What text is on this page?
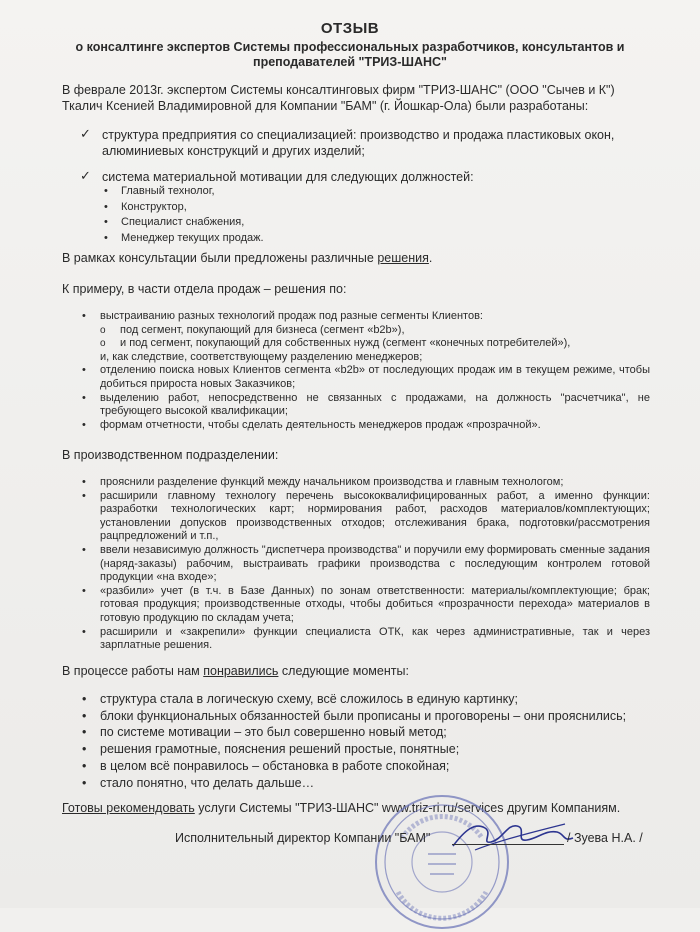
ОТЗЫВ
о консалтинге экспертов Системы профессиональных разработчиков, консультантов и преподавателей "ТРИЗ-ШАНС"
В феврале 2013г. экспертом Системы консалтинговых фирм "ТРИЗ-ШАНС" (ООО "Сычев и К") Ткалич Ксенией Владимировной для Компании "БАМ" (г. Йошкар-Ола) были разработаны:
✓ структура предприятия со специализацией: производство и продажа пластиковых окон, алюминиевых конструкций и других изделий;
✓ система материальной мотивации для следующих должностей:
• Главный технолог,
• Конструктор,
• Специалист снабжения,
• Менеджер текущих продаж.
В рамках консультации были предложены различные решения.
К примеру, в части отдела продаж – решения по:
• выстраиванию разных технологий продаж под разные сегменты Клиентов:
o под сегмент, покупающий для бизнеса (сегмент «b2b»),
o и под сегмент, покупающий для собственных нужд (сегмент «конечных потребителей»),
и, как следствие, соответствующему разделению менеджеров;
• отделению поиска новых Клиентов сегмента «b2b» от последующих продаж им в текущем режиме, чтобы добиться прироста новых Заказчиков;
• выделению работ, непосредственно не связанных с продажами, на должность "расчетчика", не требующего высокой квалификации;
• формам отчетности, чтобы сделать деятельность менеджеров продаж «прозрачной».
В производственном подразделении:
• прояснили разделение функций между начальником производства и главным технологом;
• расширили главному технологу перечень высококвалифицированных работ, а именно функции: разработки технологических карт; нормирования работ, расходов материалов/комплектующих; установлении допусков производственных отходов; отслеживания брака, подготовки/рассмотрения рацпредложений и т.п.,
• ввели независимую должность "диспетчера производства" и поручили ему формировать сменные задания (наряд-заказы) рабочим, выстраивать графики производства с последующим контролем готовой продукции «на входе»;
• «разбили» учет (в т.ч. в Базе Данных) по зонам ответственности: материалы/комплектующие; брак; готовая продукция; производственные отходы, чтобы добиться «прозрачности перехода» материалов в готовую продукцию по складам учета;
• расширили и «закрепили» функции специалиста ОТК, как через административные, так и через зарплатные решения.
В процессе работы нам понравились следующие моменты:
• структура стала в логическую схему, всё сложилось в единую картинку;
• блоки функциональных обязанностей были прописаны и проговорены – они прояснились;
• по системе мотивации – это был совершенно новый метод;
• решения грамотные, пояснения решений простые, понятные;
• в целом всё понравилось – обстановка в работе спокойная;
• стало понятно, что делать дальше…
Готовы рекомендовать услуги Системы "ТРИЗ-ШАНС" www.triz-ri.ru/services другим Компаниям.
Исполнительный директор Компании "БАМ"	/ Зуева Н.А. /
